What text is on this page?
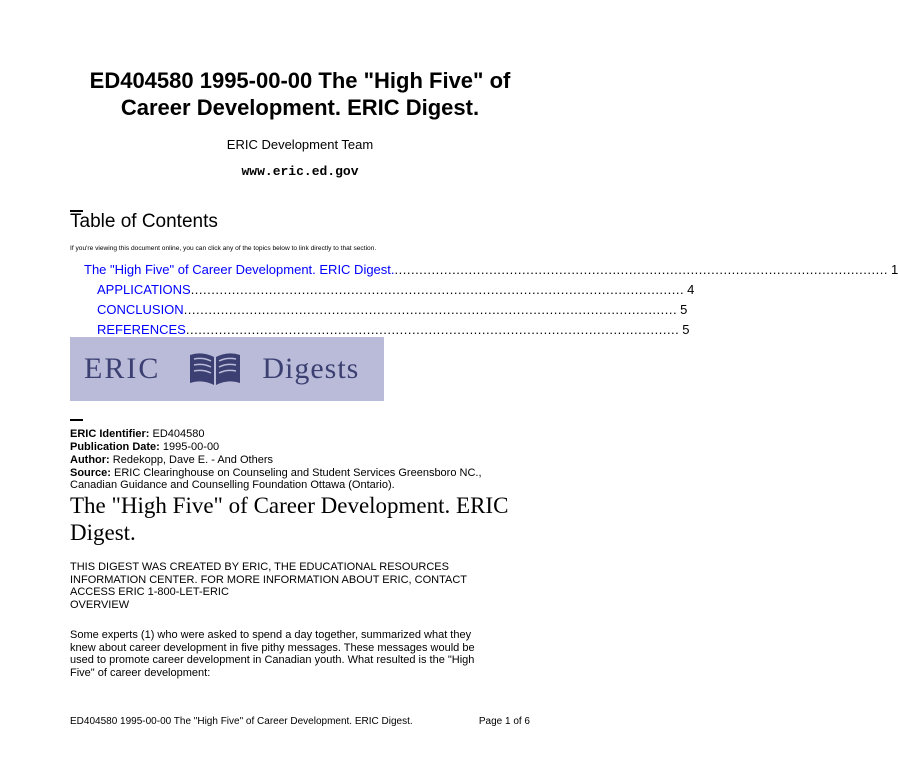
ED404580 1995-00-00 The "High Five" of
Career Development. ERIC Digest.
ERIC Development Team
www.eric.ed.gov
Table of Contents
If you're viewing this document online, you can click any of the topics below to link directly to that section.
The "High Five" of Career Development. ERIC Digest. ........................................................................................................................ 1
APPLICATIONS ........................................................................................................................ 4
CONCLUSION ........................................................................................................................ 5
REFERENCES ........................................................................................................................ 5
ERIC	Digests
ERIC Identifier: ED404580
Publication Date: 1995-00-00
Author: Redekopp, Dave E. - And Others
Source: ERIC Clearinghouse on Counseling and Student Services Greensboro NC.,
Canadian Guidance and Counselling Foundation Ottawa (Ontario).
The "High Five" of Career Development. ERIC
Digest.
THIS DIGEST WAS CREATED BY ERIC, THE EDUCATIONAL RESOURCES
INFORMATION CENTER. FOR MORE INFORMATION ABOUT ERIC, CONTACT
ACCESS ERIC 1-800-LET-ERIC
OVERVIEW
Some experts (1) who were asked to spend a day together, summarized what they
knew about career development in five pithy messages. These messages would be
used to promote career development in Canadian youth. What resulted is the "High
Five" of career development:
ED404580 1995-00-00 The "High Five" of Career Development. ERIC Digest.	Page 1 of 6
